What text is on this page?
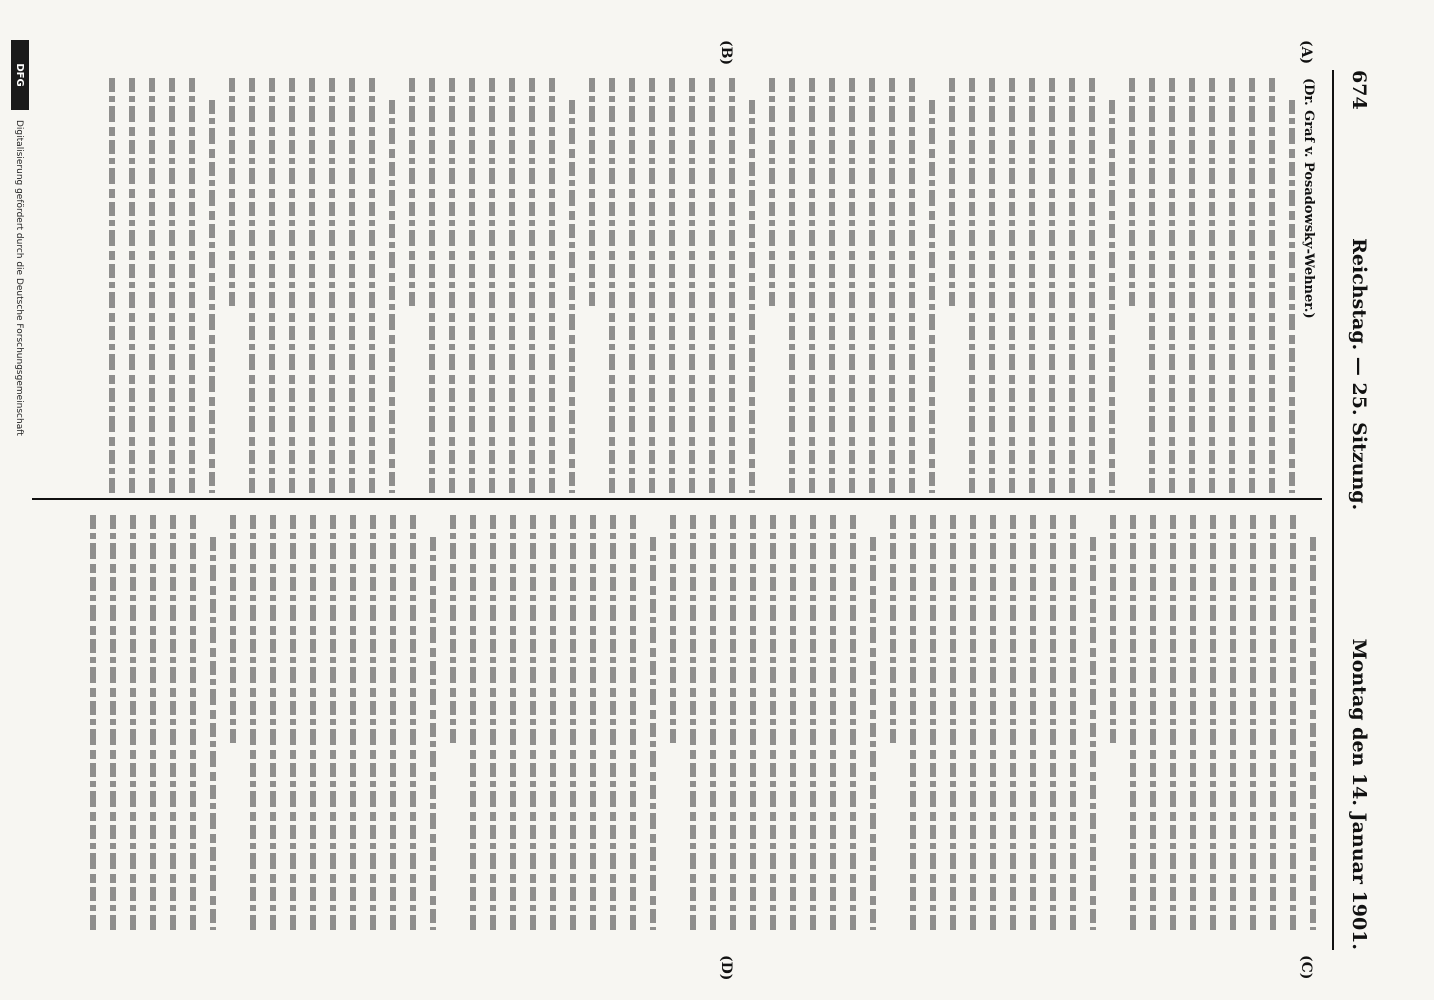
674
Reichstag. — 25. Sitzung.
Montag den 14. Januar 1901.
(A)
(B)
(C)
(D)
(Dr. Graf v. Posadowsky-Wehner.)
DFG
Digitalisierung gefördert durch die Deutsche Forschungsgemeinschaft
